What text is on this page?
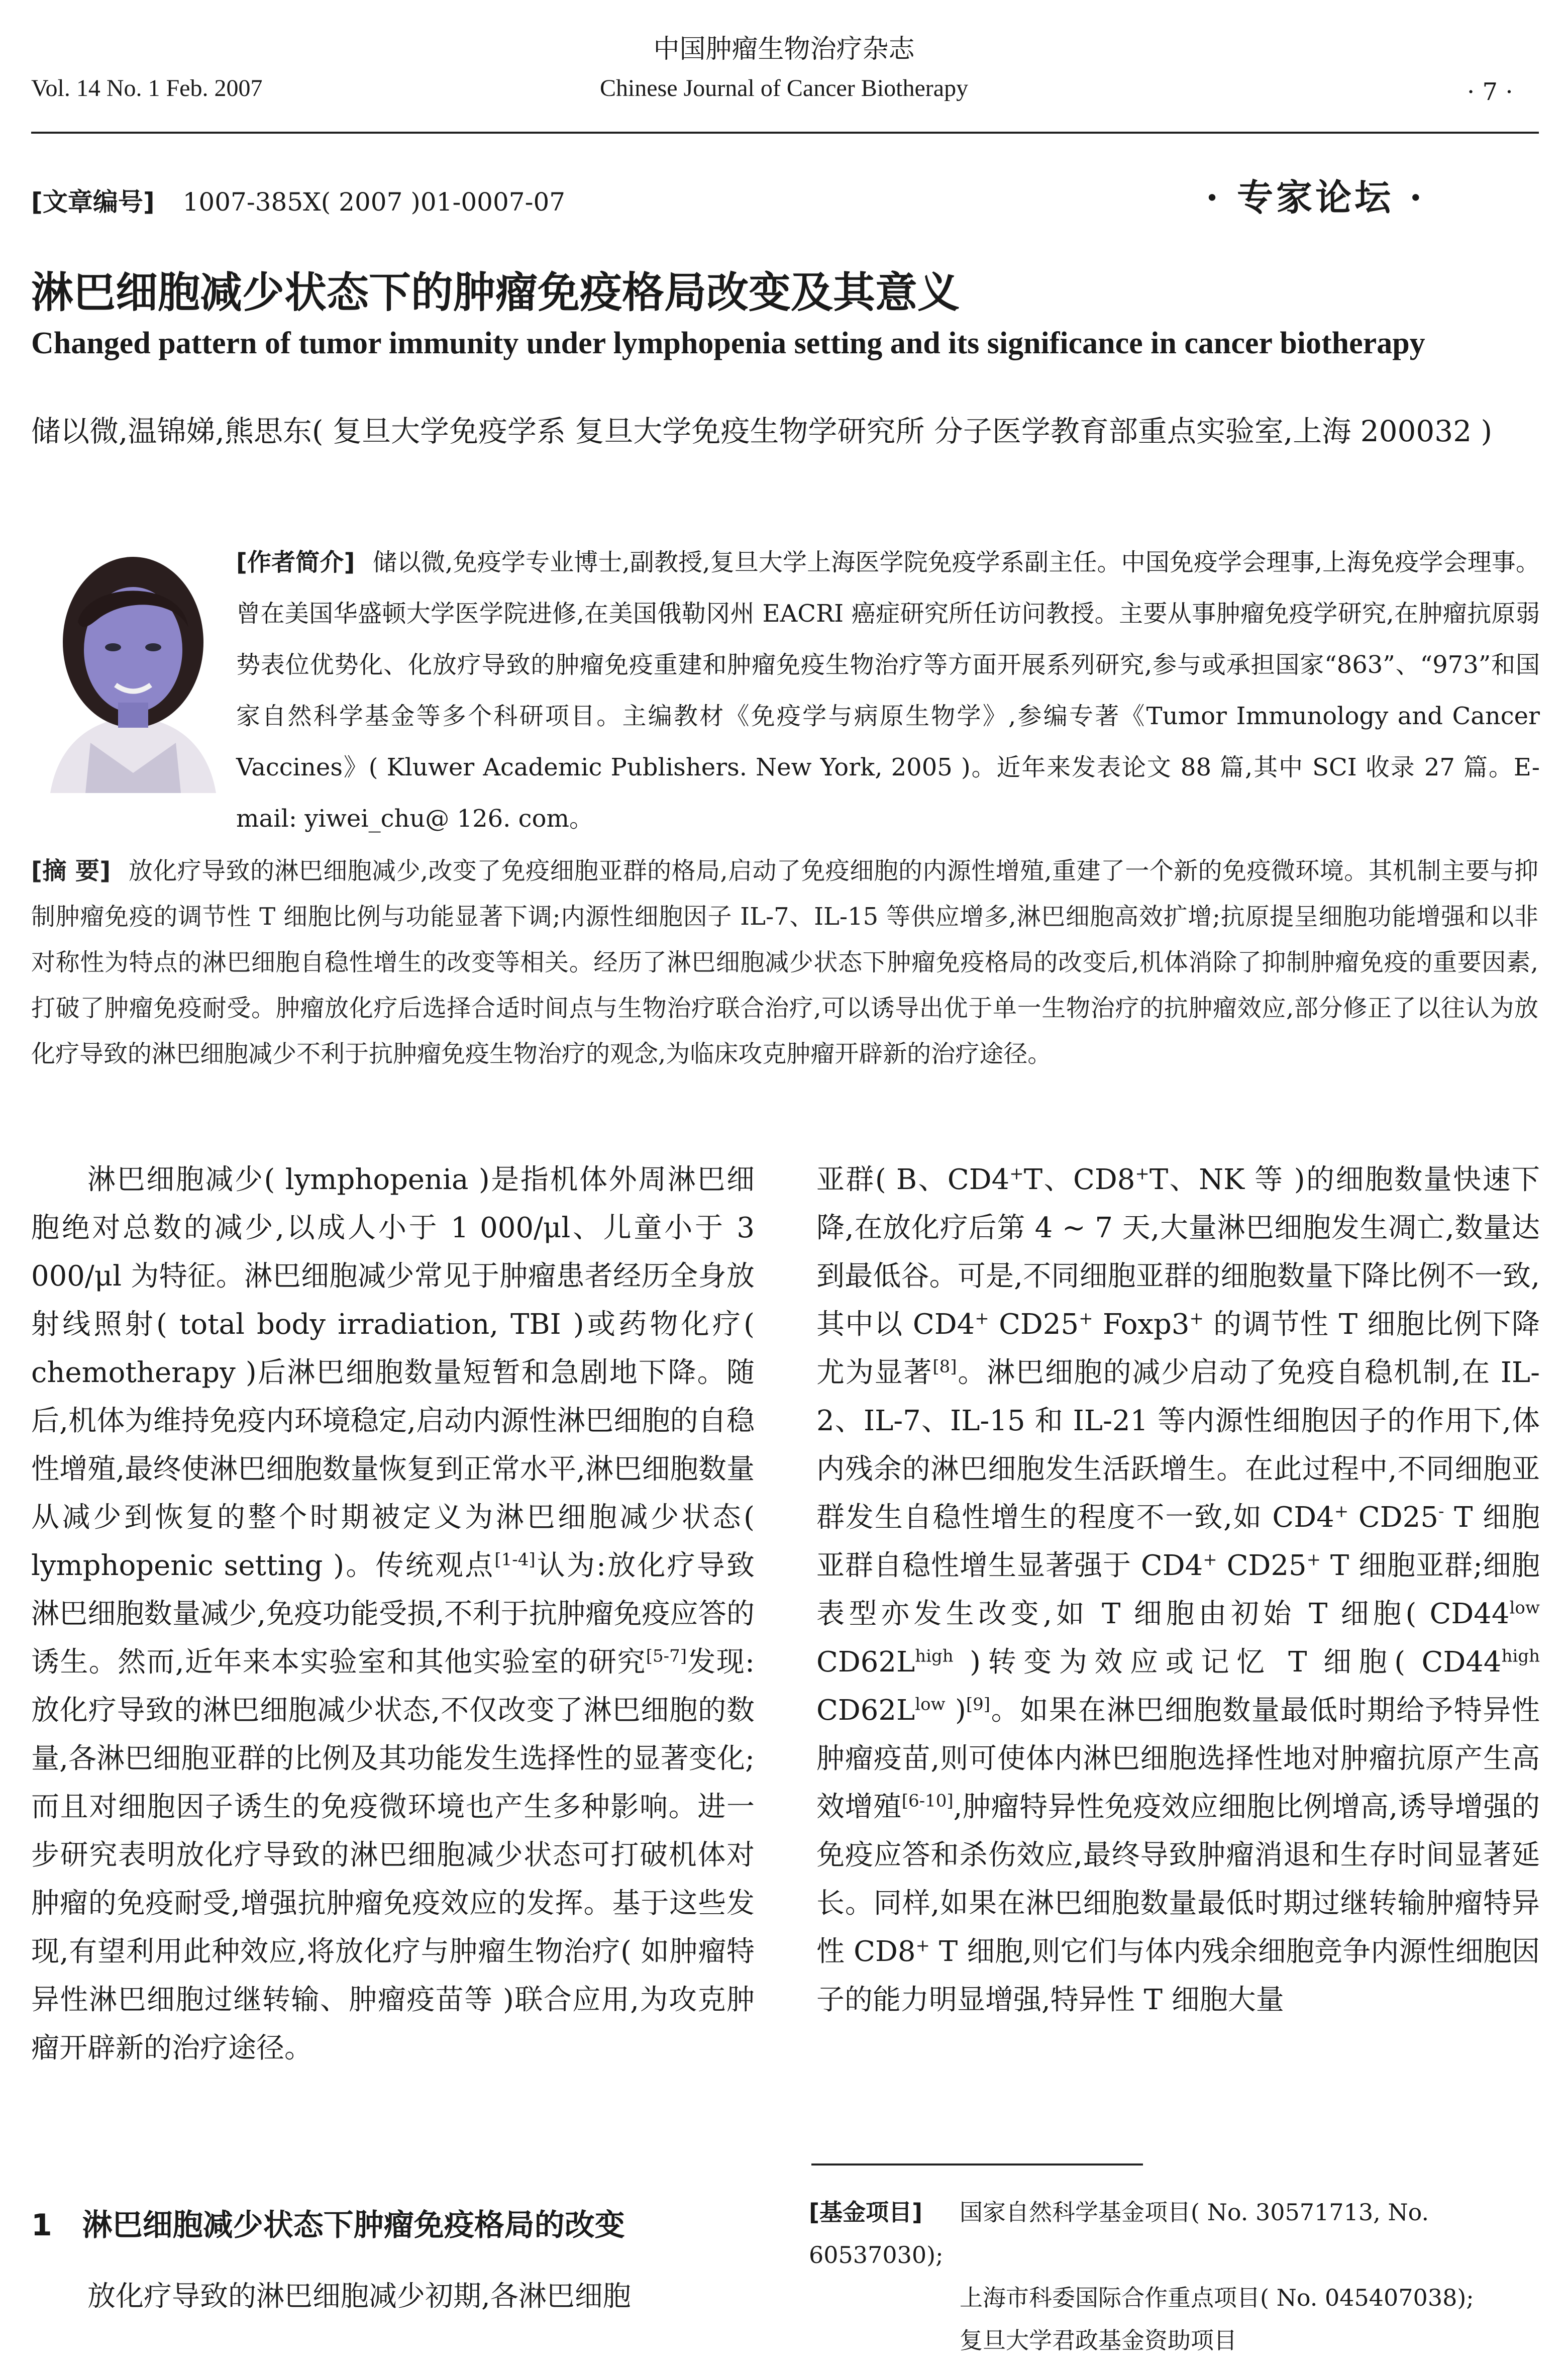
中国肿瘤生物治疗杂志
Vol. 14 No. 1 Feb. 2007	Chinese Journal of Cancer Biotherapy	· 7 ·
[文章编号] 1007-385X( 2007 )01-0007-07	· 专家论坛 ·
淋巴细胞减少状态下的肿瘤免疫格局改变及其意义
Changed pattern of tumor immunity under lymphopenia setting and its significance in cancer biotherapy
储以微,温锦娣,熊思东( 复旦大学免疫学系 复旦大学免疫生物学研究所 分子医学教育部重点实验室,上海 200032 )
[作者简介] 储以微,免疫学专业博士,副教授,复旦大学上海医学院免疫学系副主任。中国免疫学会理事,上海免疫学会理事。曾在美国华盛顿大学医学院进修,在美国俄勒冈州 EACRI 癌症研究所任访问教授。主要从事肿瘤免疫学研究,在肿瘤抗原弱势表位优势化、化放疗导致的肿瘤免疫重建和肿瘤免疫生物治疗等方面开展系列研究,参与或承担国家“863”、“973”和国家自然科学基金等多个科研项目。主编教材《免疫学与病原生物学》,参编专著《Tumor Immunology and Cancer Vaccines》( Kluwer Academic Publishers. New York, 2005 )。近年来发表论文 88 篇,其中 SCI 收录 27 篇。E-mail: yiwei_chu@ 126. com。
[摘 要] 放化疗导致的淋巴细胞减少,改变了免疫细胞亚群的格局,启动了免疫细胞的内源性增殖,重建了一个新的免疫微环境。其机制主要与抑制肿瘤免疫的调节性 T 细胞比例与功能显著下调;内源性细胞因子 IL-7、IL-15 等供应增多,淋巴细胞高效扩增;抗原提呈细胞功能增强和以非对称性为特点的淋巴细胞自稳性增生的改变等相关。经历了淋巴细胞减少状态下肿瘤免疫格局的改变后,机体消除了抑制肿瘤免疫的重要因素,打破了肿瘤免疫耐受。肿瘤放化疗后选择合适时间点与生物治疗联合治疗,可以诱导出优于单一生物治疗的抗肿瘤效应,部分修正了以往认为放化疗导致的淋巴细胞减少不利于抗肿瘤免疫生物治疗的观念,为临床攻克肿瘤开辟新的治疗途径。

淋巴细胞减少( lymphopenia )是指机体外周淋巴细胞绝对总数的减少,以成人小于 1 000/μl、儿童小于 3 000/μl 为特征。淋巴细胞减少常见于肿瘤患者经历全身放射线照射( total body irradiation, TBI )或药物化疗( chemotherapy )后淋巴细胞数量短暂和急剧地下降。随后,机体为维持免疫内环境稳定,启动内源性淋巴细胞的自稳性增殖,最终使淋巴细胞数量恢复到正常水平,淋巴细胞数量从减少到恢复的整个时期被定义为淋巴细胞减少状态( lymphopenic setting )。传统观点[1-4]认为:放化疗导致淋巴细胞数量减少,免疫功能受损,不利于抗肿瘤免疫应答的诱生。然而,近年来本实验室和其他实验室的研究[5-7]发现:放化疗导致的淋巴细胞减少状态,不仅改变了淋巴细胞的数量,各淋巴细胞亚群的比例及其功能发生选择性的显著变化;而且对细胞因子诱生的免疫微环境也产生多种影响。进一步研究表明放化疗导致的淋巴细胞减少状态可打破机体对肿瘤的免疫耐受,增强抗肿瘤免疫效应的发挥。基于这些发现,有望利用此种效应,将放化疗与肿瘤生物治疗( 如肿瘤特异性淋巴细胞过继转输、肿瘤疫苗等 )联合应用,为攻克肿瘤开辟新的治疗途径。

1　淋巴细胞减少状态下肿瘤免疫格局的改变
放化疗导致的淋巴细胞减少初期,各淋巴细胞

亚群( B、CD4+T、CD8+T、NK 等 )的细胞数量快速下降,在放化疗后第 4 ~ 7 天,大量淋巴细胞发生凋亡,数量达到最低谷。可是,不同细胞亚群的细胞数量下降比例不一致,其中以 CD4+ CD25+ Foxp3+ 的调节性 T 细胞比例下降尤为显著[8]。淋巴细胞的减少启动了免疫自稳机制,在 IL-2、IL-7、IL-15 和 IL-21 等内源性细胞因子的作用下,体内残余的淋巴细胞发生活跃增生。在此过程中,不同细胞亚群发生自稳性增生的程度不一致,如 CD4+ CD25- T 细胞亚群自稳性增生显著强于 CD4+ CD25+ T 细胞亚群;细胞表型亦发生改变,如 T 细胞由初始 T 细胞( $CD44^{low}$ $CD62L^{high}$ )转变为效应或记忆 T 细胞( $CD44^{high}$ $CD62L^{low}$ )[9]。如果在淋巴细胞数量最低时期给予特异性肿瘤疫苗,则可使体内淋巴细胞选择性地对肿瘤抗原产生高效增殖[6-10],肿瘤特异性免疫效应细胞比例增高,诱导增强的免疫应答和杀伤效应,最终导致肿瘤消退和生存时间显著延长。同样,如果在淋巴细胞数量最低时期过继转输肿瘤特异性 CD8+ T 细胞,则它们与体内残余细胞竞争内源性细胞因子的能力明显增强,特异性 T 细胞大量

[基金项目] 国家自然科学基金项目( No. 30571713, No. 60537030);
上海市科委国际合作重点项目( No. 045407038);
复旦大学君政基金资助项目
